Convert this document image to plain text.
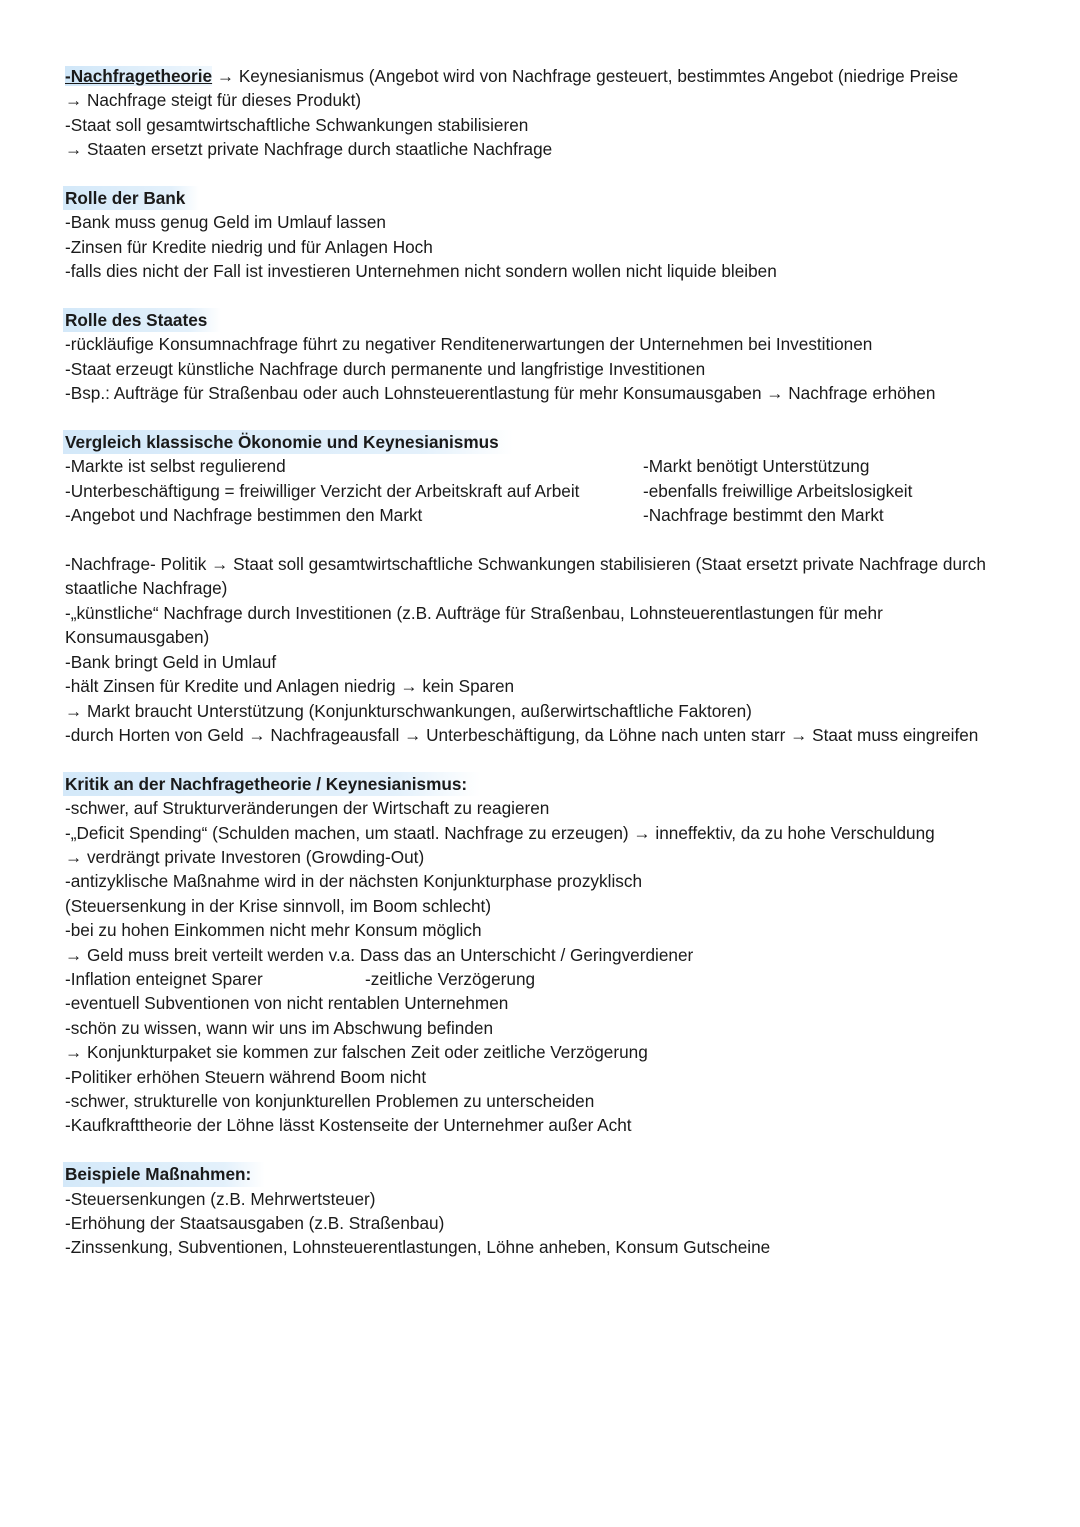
-Nachfragetheorie → Keynesianismus (Angebot wird von Nachfrage gesteuert, bestimmtes Angebot (niedrige Preise
→ Nachfrage steigt für dieses Produkt)
-Staat soll gesamtwirtschaftliche Schwankungen stabilisieren
→ Staaten ersetzt private Nachfrage durch staatliche Nachfrage
Rolle der Bank
-Bank muss genug Geld im Umlauf lassen
-Zinsen für Kredite niedrig und für Anlagen Hoch
-falls dies nicht der Fall ist investieren Unternehmen nicht sondern wollen nicht liquide bleiben
Rolle des Staates
-rückläufige Konsumnachfrage führt zu negativer Renditenerwartungen der Unternehmen bei Investitionen
-Staat erzeugt künstliche Nachfrage durch permanente und langfristige Investitionen
-Bsp.: Aufträge für Straßenbau oder auch Lohnsteuerentlastung für mehr Konsumausgaben → Nachfrage erhöhen
Vergleich klassische Ökonomie und Keynesianismus
-Markte ist selbst regulierend	-Markt benötigt Unterstützung
-Unterbeschäftigung = freiwilliger Verzicht der Arbeitskraft auf Arbeit	-ebenfalls freiwillige Arbeitslosigkeit
-Angebot und Nachfrage bestimmen den Markt	-Nachfrage bestimmt den Markt
-Nachfrage- Politik → Staat soll gesamtwirtschaftliche Schwankungen stabilisieren (Staat ersetzt private Nachfrage durch staatliche Nachfrage)
-„künstliche“ Nachfrage durch Investitionen (z.B. Aufträge für Straßenbau, Lohnsteuerentlastungen für mehr Konsumausgaben)
-Bank bringt Geld in Umlauf
-hält Zinsen für Kredite und Anlagen niedrig → kein Sparen
→ Markt braucht Unterstützung (Konjunkturschwankungen, außerwirtschaftliche Faktoren)
-durch Horten von Geld → Nachfrageausfall → Unterbeschäftigung, da Löhne nach unten starr → Staat muss eingreifen
Kritik an der Nachfragetheorie / Keynesianismus:
-schwer, auf Strukturveränderungen der Wirtschaft zu reagieren
-„Deficit Spending“ (Schulden machen, um staatl. Nachfrage zu erzeugen) → inneffektiv, da zu hohe Verschuldung
→ verdrängt private Investoren (Growding-Out)
-antizyklische Maßnahme wird in der nächsten Konjunkturphase prozyklisch
(Steuersenkung in der Krise sinnvoll, im Boom schlecht)
-bei zu hohen Einkommen nicht mehr Konsum möglich
→ Geld muss breit verteilt werden v.a. Dass das an Unterschicht / Geringverdiener
-Inflation enteignet Sparer	-zeitliche Verzögerung
-eventuell Subventionen von nicht rentablen Unternehmen
-schön zu wissen, wann wir uns im Abschwung befinden
→ Konjunkturpaket sie kommen zur falschen Zeit oder zeitliche Verzögerung
-Politiker erhöhen Steuern während Boom nicht
-schwer, strukturelle von konjunkturellen Problemen zu unterscheiden
-Kaufkrafttheorie der Löhne lässt Kostenseite der Unternehmer außer Acht
Beispiele Maßnahmen:
-Steuersenkungen (z.B. Mehrwertsteuer)
-Erhöhung der Staatsausgaben (z.B. Straßenbau)
-Zinssenkung, Subventionen, Lohnsteuerentlastungen, Löhne anheben, Konsum Gutscheine
